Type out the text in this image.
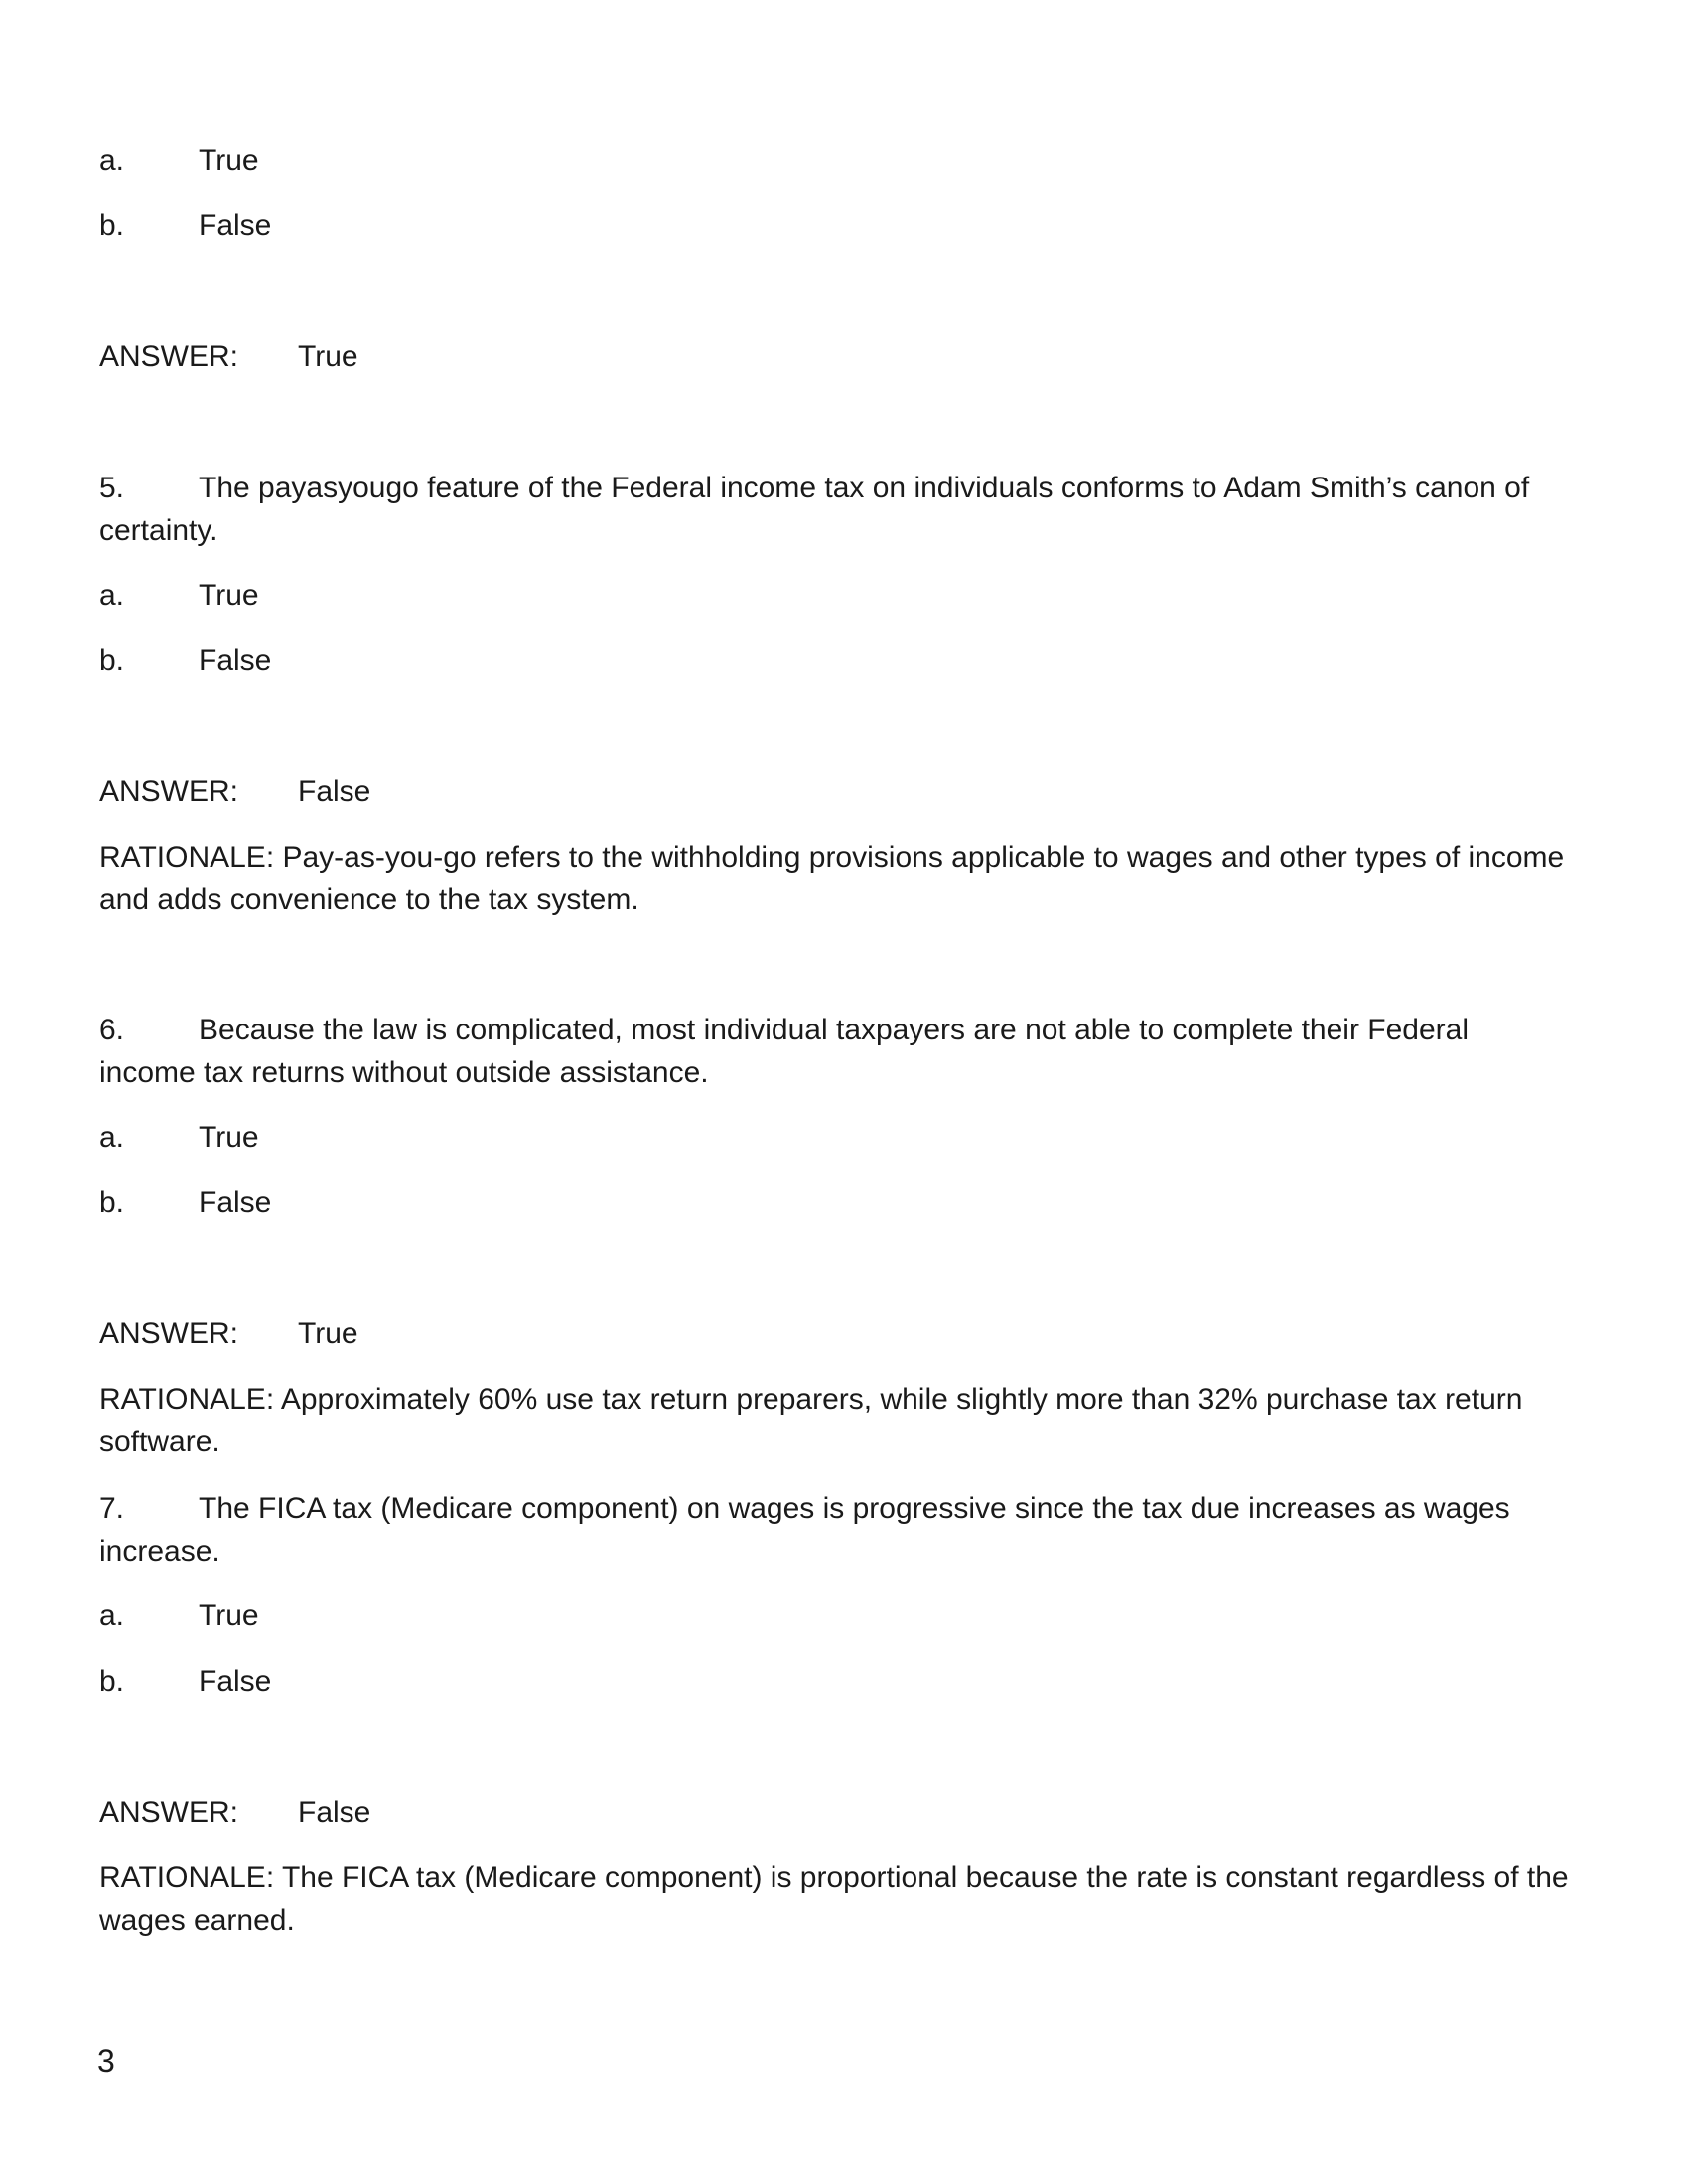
a. True
b. False
ANSWER: True
5. The payasyougo feature of the Federal income tax on individuals conforms to Adam Smith’s canon of certainty.
a. True
b. False
ANSWER: False
RATIONALE: Pay-as-you-go refers to the withholding provisions applicable to wages and other types of income and adds convenience to the tax system.
6. Because the law is complicated, most individual taxpayers are not able to complete their Federal income tax returns without outside assistance.
a. True
b. False
ANSWER: True
RATIONALE: Approximately 60% use tax return preparers, while slightly more than 32% purchase tax return software.
7. The FICA tax (Medicare component) on wages is progressive since the tax due increases as wages increase.
a. True
b. False
ANSWER: False
RATIONALE: The FICA tax (Medicare component) is proportional because the rate is constant regardless of the wages earned.
3
